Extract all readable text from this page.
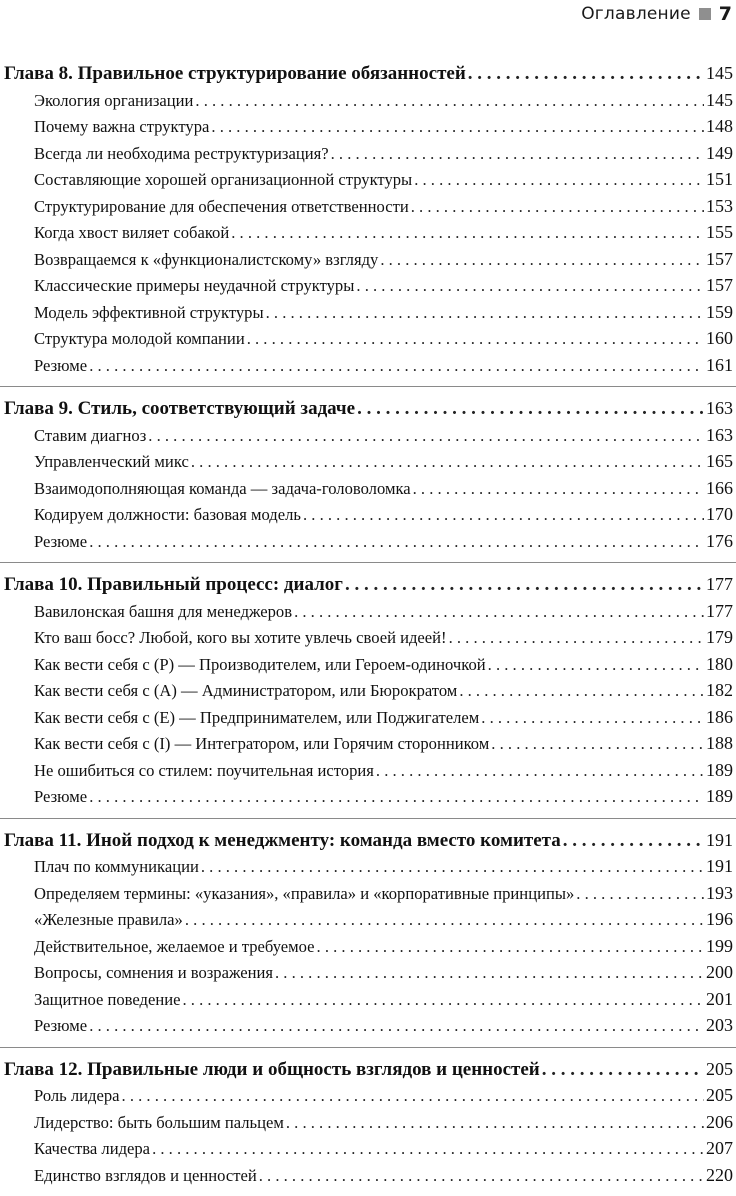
Оглавление 7
Глава 8. Правильное структурирование обязанностей . . .	145
Экология организации . . .	145
Почему важна структура . . .	148
Всегда ли необходима реструктуризация? . . .	149
Составляющие хорошей организационной структуры . . .	151
Структурирование для обеспечения ответственности . . .	153
Когда хвост виляет собакой . . .	155
Возвращаемся к «функционалистскому» взгляду . . .	157
Классические примеры неудачной структуры . . .	157
Модель эффективной структуры . . .	159
Структура молодой компании . . .	160
Резюме . . .	161
Глава 9. Стиль, соответствующий задаче . . .	163
Ставим диагноз . . .	163
Управленческий микс . . .	165
Взаимодополняющая команда — задача-головоломка . . .	166
Кодируем должности: базовая модель . . .	170
Резюме . . .	176
Глава 10. Правильный процесс: диалог . . .	177
Вавилонская башня для менеджеров . . .	177
Кто ваш босс? Любой, кого вы хотите увлечь своей идеей! . . .	179
Как вести себя с (P) — Производителем, или Героем-одиночкой . . .	180
Как вести себя с (A) — Администратором, или Бюрократом . . .	182
Как вести себя с (E) — Предпринимателем, или Поджигателем . . .	186
Как вести себя с (I) — Интегратором, или Горячим сторонником . . .	188
Не ошибиться со стилем: поучительная история . . .	189
Резюме . . .	189
Глава 11. Иной подход к менеджменту: команда вместо комитета . . .	191
Плач по коммуникации . . .	191
Определяем термины: «указания», «правила» и «корпоративные принципы» . . .	193
«Железные правила» . . .	196
Действительное, желаемое и требуемое . . .	199
Вопросы, сомнения и возражения . . .	200
Защитное поведение . . .	201
Резюме . . .	203
Глава 12. Правильные люди и общность взглядов и ценностей . . .	205
Роль лидера . . .	205
Лидерство: быть большим пальцем . . .	206
Качества лидера . . .	207
Единство взглядов и ценностей . . .	220
